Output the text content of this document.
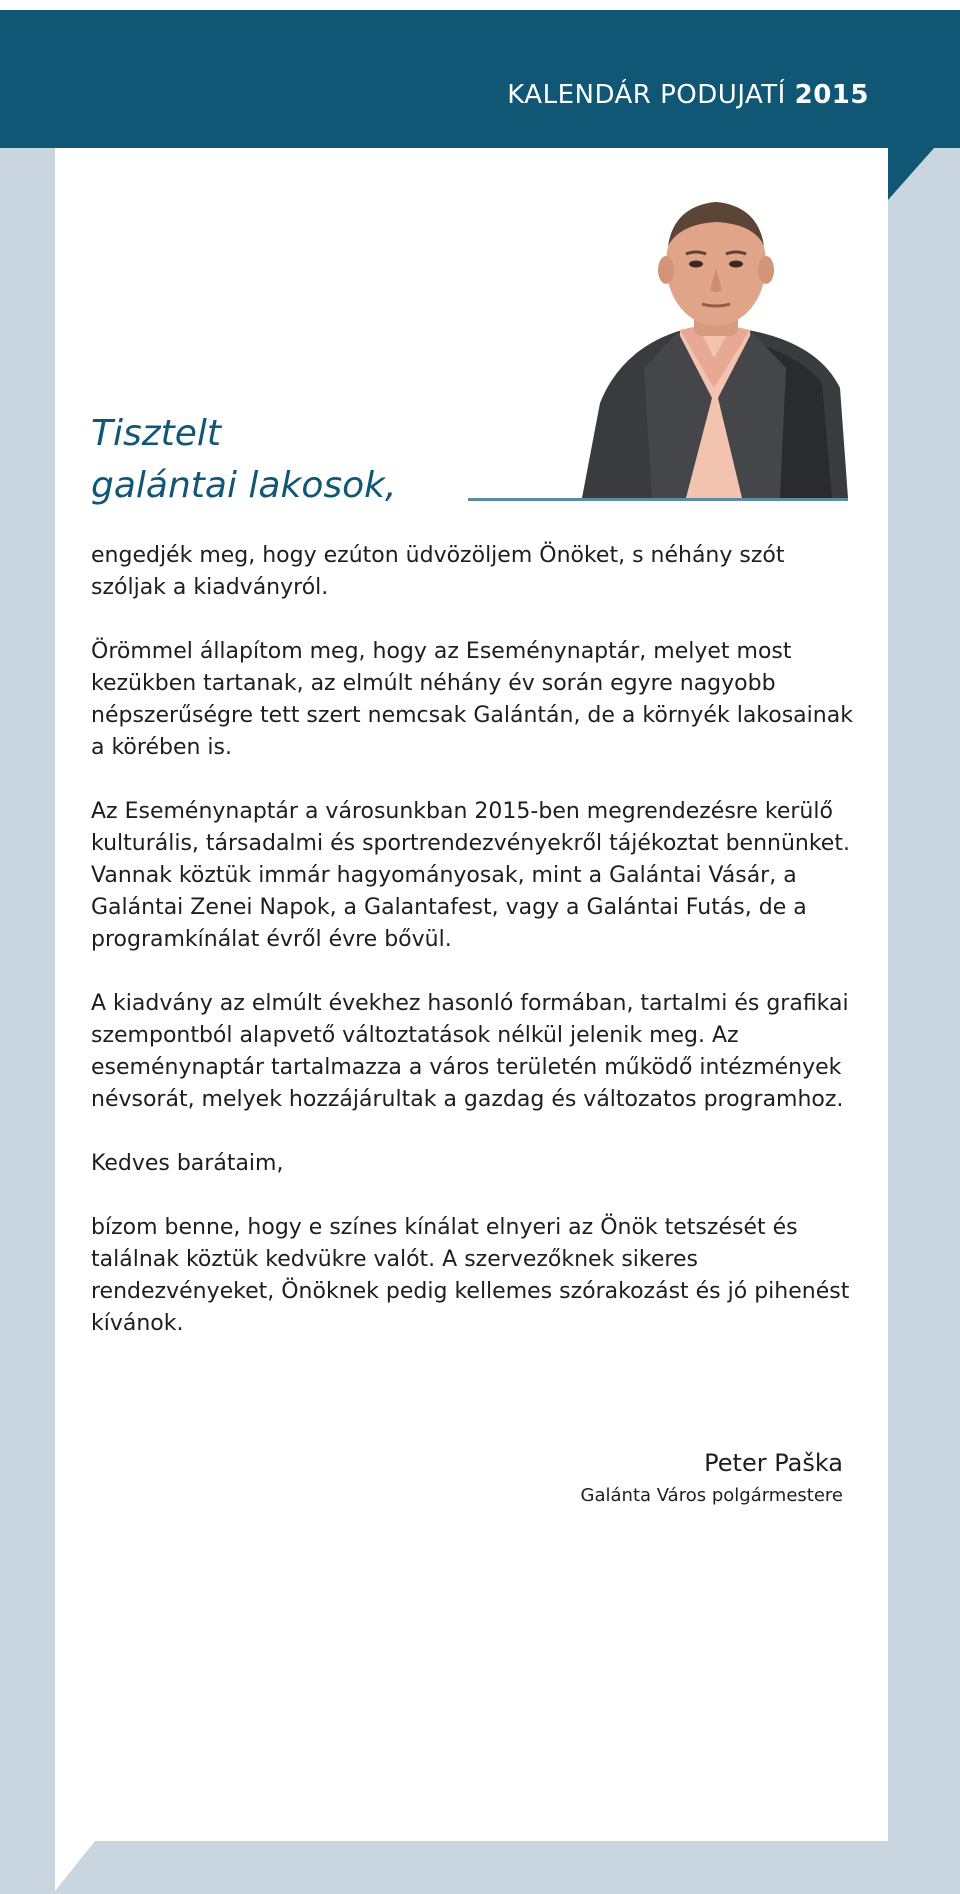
KALENDÁR PODUJATÍ 2015
Tisztelt
galántai lakosok,

engedjék meg, hogy ezúton üdvözöljem Önöket, s néhány szót szóljak a kiadványról.

Örömmel állapítom meg, hogy az Eseménynaptár, melyet most kezükben tartanak, az elmúlt néhány év során egyre nagyobb népszerűségre tett szert nemcsak Galántán, de a környék lakosainak a körében is.

Az Eseménynaptár a városunkban 2015-ben megrendezésre kerülő kulturális, társadalmi és sportrendezvényekről tájékoztat bennünket. Vannak köztük immár hagyományosak, mint a Galántai Vásár, a Galántai Zenei Napok, a Galantafest, vagy a Galántai Futás, de a programkínálat évről évre bővül.

A kiadvány az elmúlt évekhez hasonló formában, tartalmi és grafikai szempontból alapvető változtatások nélkül jelenik meg. Az eseménynaptár tartalmazza a város területén működő intézmények névsorát, melyek hozzájárultak a gazdag és változatos programhoz.

Kedves barátaim,

bízom benne, hogy e színes kínálat elnyeri az Önök tetszését és találnak köztük kedvükre valót. A szervezőknek sikeres rendezvényeket, Önöknek pedig kellemes szórakozást és jó pihenést kívánok.

Peter Paška
Galánta Város polgármestere
